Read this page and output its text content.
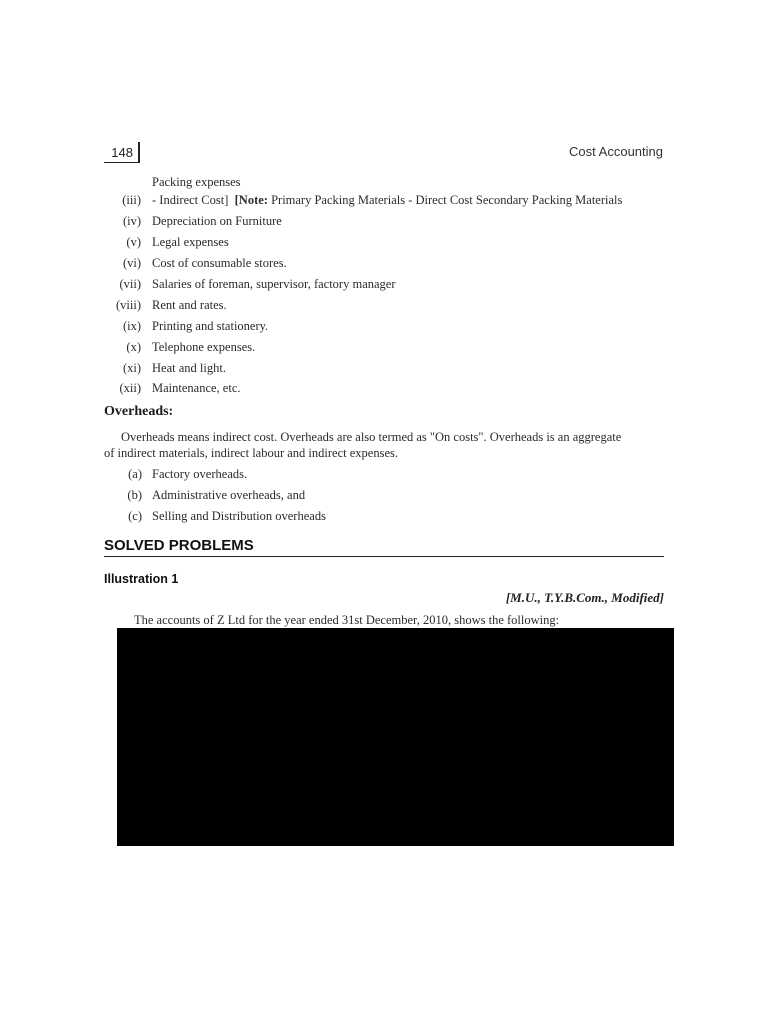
148	Cost Accounting
Packing expenses
(iii) - Indirect Cost] [Note: Primary Packing Materials - Direct Cost Secondary Packing Materials
(iv) Depreciation on Furniture
(v) Legal expenses
(vi) Cost of consumable stores.
(vii) Salaries of foreman, supervisor, factory manager
(viii) Rent and rates.
(ix) Printing and stationery.
(x) Telephone expenses.
(xi) Heat and light.
(xii) Maintenance, etc.
Overheads:
Overheads means indirect cost. Overheads are also termed as "On costs". Overheads is an aggregate
of indirect materials, indirect labour and indirect expenses.
(a) Factory overheads.
(b) Administrative overheads, and
(c) Selling and Distribution overheads
SOLVED PROBLEMS
Illustration 1
[M.U., T.Y.B.Com., Modified]
The accounts of Z Ltd for the year ended 31st December, 2010, shows the following:
